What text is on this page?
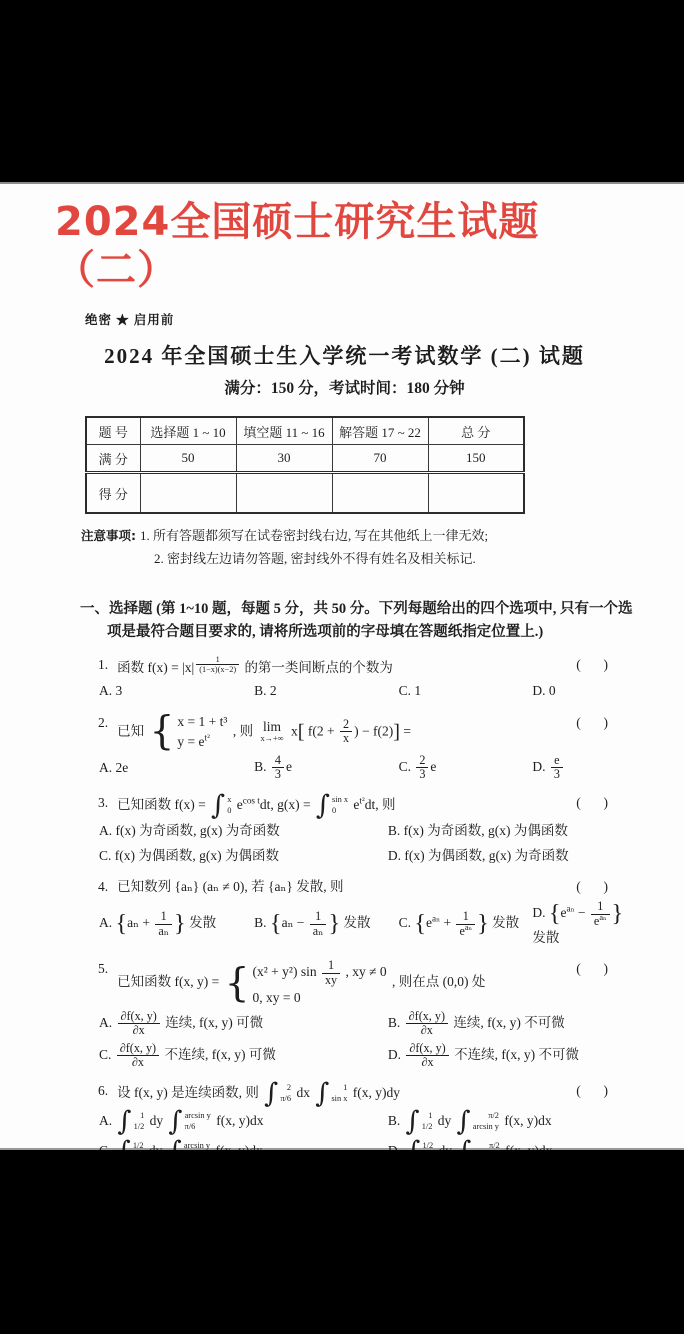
2024全国硕士研究生试题（二）
绝密 ★ 启用前
2024 年全国硕士生入学统一考试数学 (二) 试题
满分：150 分，考试时间：180 分钟
题 号	选择题 1 ~ 10	填空题 11 ~ 16	解答题 17 ~ 22	总 分
满 分	50	30	70	150
得 分				
注意事项: 1. 所有答题都须写在试卷密封线右边, 写在其他纸上一律无效;
2. 密封线左边请勿答题, 密封线外不得有姓名及相关标记.
一、选择题 (第 1~10 题，每题 5 分，共 50 分。下列每题给出的四个选项中, 只有一个选项是最符合题目要求的, 请将所选项前的字母填在答题纸指定位置上.)
1. 函数 f(x) = |x| $^{\frac{1}{(1-x)(x-2)}}$ 的第一类间断点的个数为	(  )
A. 3	B. 2	C. 1	D. 0
2.
已知 { x = 1 + t³
$y = e^{t^2}$	, 则 lim
x→+∞
x[ $f(2 + \frac{2}{x}$ ) − f(2)] =
(  )
A. 2e	B. $\frac{4}{3}$ e	C. $\frac{2}{3}$ e	D. $\frac{e}{3}$
3. 已知函数 f(x) = ∫ x
0 $e^{cos t}dt$, g(x) = ∫ sin x
0 $e^{t^2}dt$, 则	(  )
A. f(x) 为奇函数, g(x) 为奇函数	B. f(x) 为奇函数, g(x) 为偶函数
C. f(x) 为偶函数, g(x) 为偶函数	D. f(x) 为偶函数, g(x) 为奇函数
4. 已知数列 {aₙ} (aₙ ≠ 0), 若 {aₙ} 发散, 则	(  )
A. {$a_n + \frac{1}{\text{aₙ}}$ } 发散	B. {$a_n - \frac{1}{\text{aₙ}}$ } 发散	C. {$e^{a_n} + \frac{1}{e^{a_n}}$ } 发散
D. {$e^{a_n} - \frac{1}{e^{a_n}}$ } 发散
5.
已知函数 f(x, y) = { (x² + y²) $\sin \frac{1}{xy}$ , xy ≠ 0
0, xy = 0
, 则在点 (0,0) 处
(  )
A. $\frac{\partial f(x, y)}{\partial x}$ 连续, f(x, y) 可微	B. $\frac{\partial f(x, y)}{\partial x}$ 连续, f(x, y) 不可微
C. $\frac{\partial f(x, y)}{\partial x}$ 不连续, f(x, y) 可微	D. $\frac{\partial f(x, y)}{\partial x}$ 不连续, f(x, y) 不可微
6. 设 f(x, y) 是连续函数, 则 ∫ 2
π/6 dx ∫ 1
sin x f(x, y)dy	(  )
A. ∫ 1
1/2 dy ∫ arcsin y
π/6 f(x, y)dx	B. ∫ 1
1/2 dy ∫ π/2
arcsin y f(x, y)dx
1/2	arcsin y	1/2	π/2
